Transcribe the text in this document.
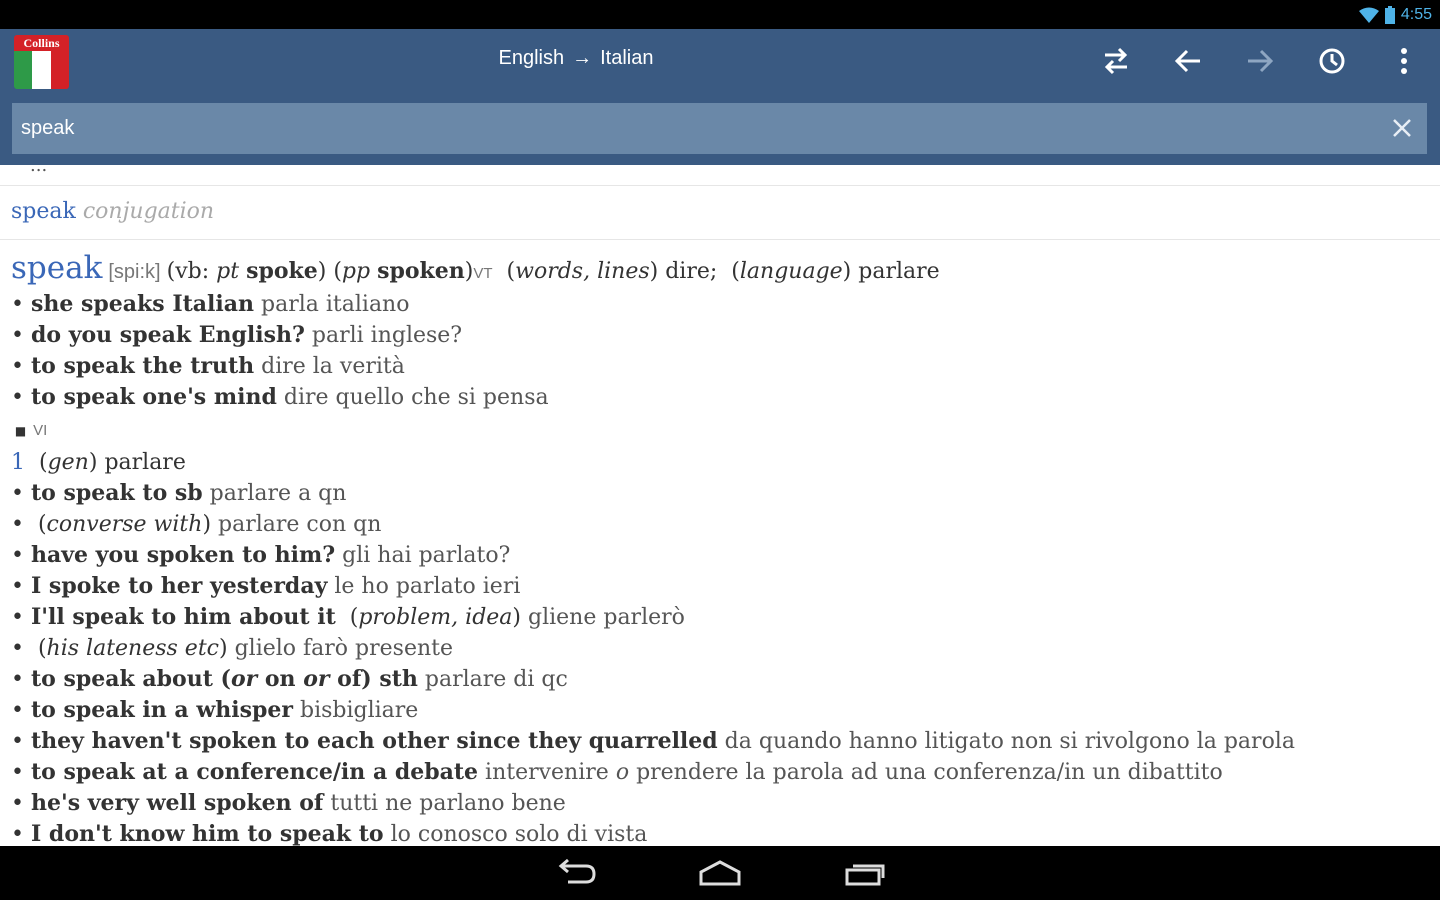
4:55
Collins
English → Italian
speak
...
speak conjugation
speak [spi:k] (vb: pt spoke) (pp spoken) VT (words, lines) dire;  (language) parlare
• she speaks Italian parla italiano
• do you speak English? parli inglese?
• to speak the truth dire la verità
• to speak one's mind dire quello che si pensa
■ VI
1  (gen) parlare
• to speak to sb parlare a qn
•  (converse with) parlare con qn
• have you spoken to him? gli hai parlato?
• I spoke to her yesterday le ho parlato ieri
• I'll speak to him about it  (problem, idea) gliene parlerò
•  (his lateness etc) glielo farò presente
• to speak about (or on or of) sth parlare di qc
• to speak in a whisper bisbigliare
• they haven't spoken to each other since they quarrelled da quando hanno litigato non si rivolgono la parola
• to speak at a conference/in a debate intervenire o prendere la parola ad una conferenza/in un dibattito
• he's very well spoken of tutti ne parlano bene
• I don't know him to speak to lo conosco solo di vista
